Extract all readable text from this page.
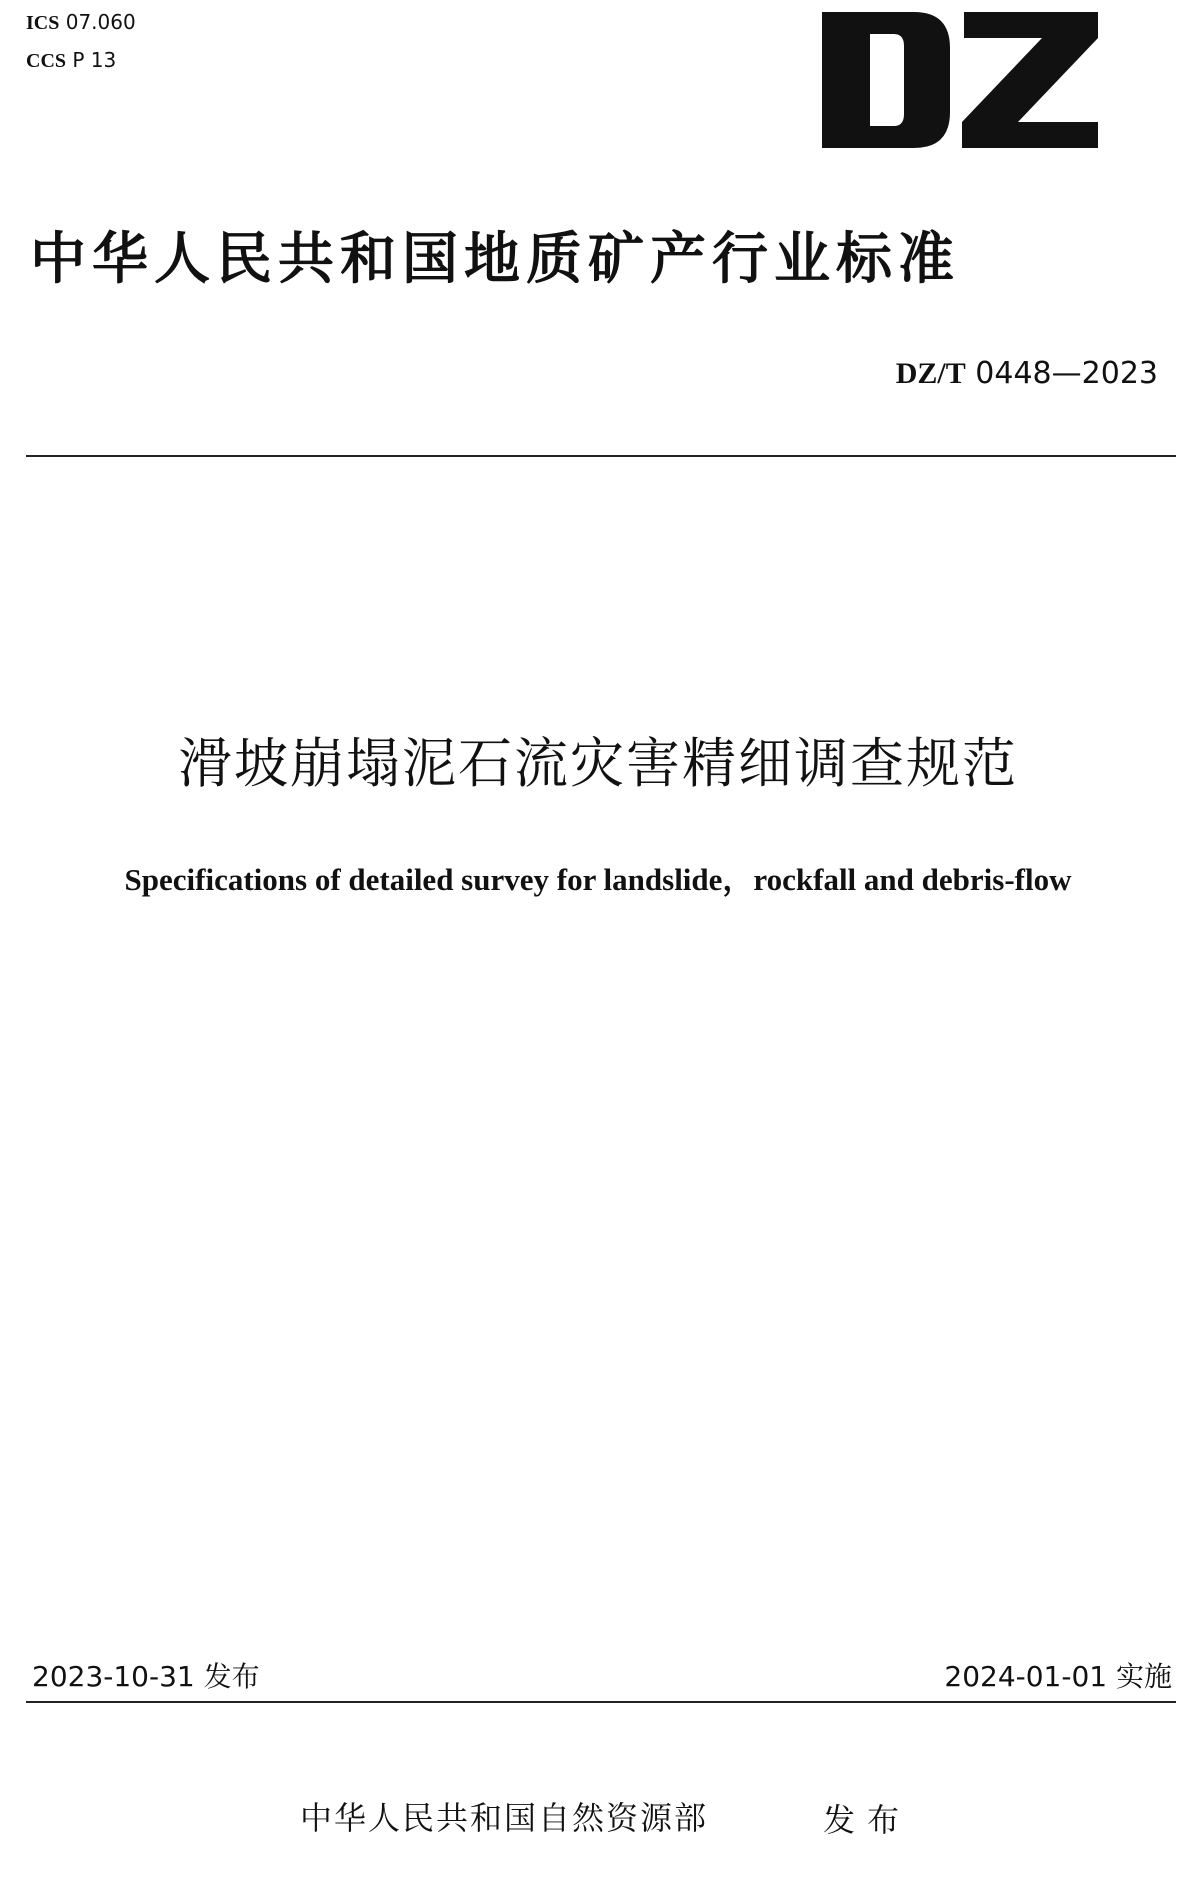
ICS 07.060
CCS P 13
中华人民共和国地质矿产行业标准
DZ/T 0448—2023
滑坡崩塌泥石流灾害精细调查规范
Specifications of detailed survey for landslide，rockfall and debris-flow
2023-10-31 发布	2024-01-01 实施
中华人民共和国自然资源部	发布
